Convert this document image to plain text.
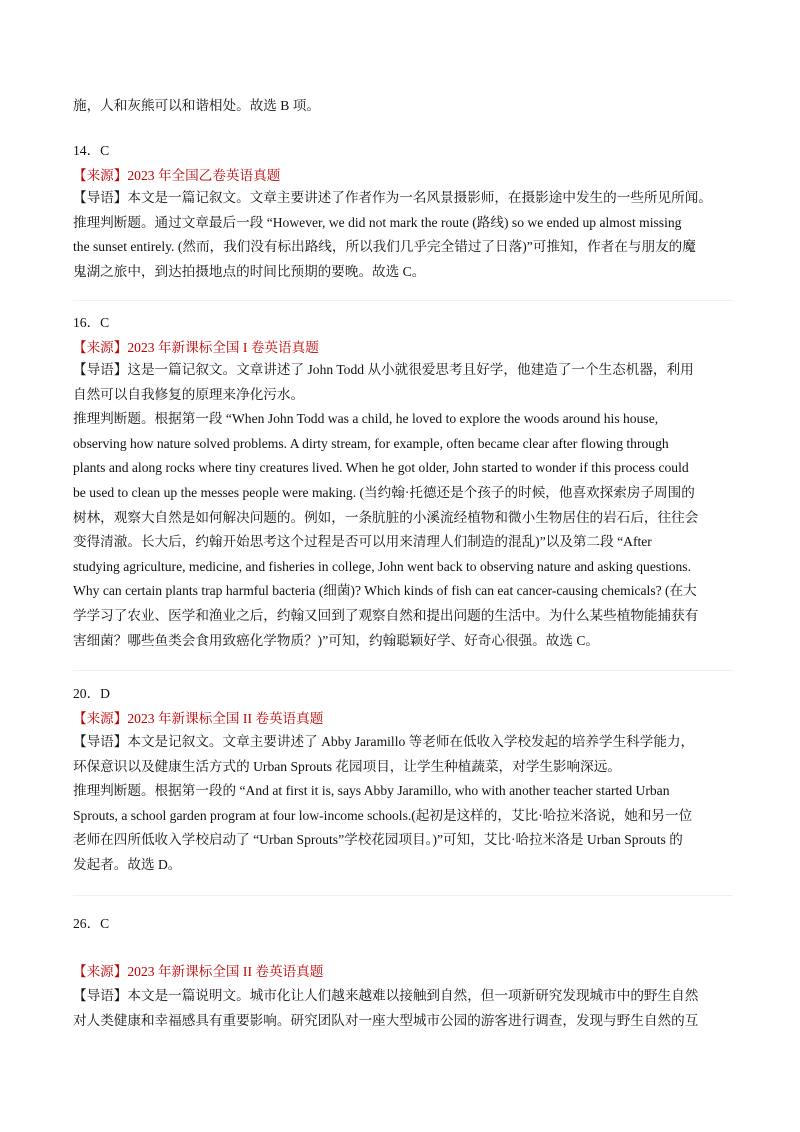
施，人和灰熊可以和谐相处。故选 B 项。

14．C

【来源】2023 年全国乙卷英语真题

【导语】本文是一篇记叙文。文章主要讲述了作者作为一名风景摄影师，在摄影途中发生的一些所见所闻。
推理判断题。通过文章最后一段 “However, we did not mark the route (路线) so we ended up almost missing
the sunset entirely. (然而，我们没有标出路线，所以我们几乎完全错过了日落)”可推知，作者在与朋友的魔
鬼湖之旅中，到达拍摄地点的时间比预期的要晚。故选 C。

16．C

【来源】2023 年新课标全国 I 卷英语真题

【导语】这是一篇记叙文。文章讲述了 John Todd 从小就很爱思考且好学，他建造了一个生态机器，利用
自然可以自我修复的原理来净化污水。
推理判断题。根据第一段 “When John Todd was a child, he loved to explore the woods around his house,
observing how nature solved problems. A dirty stream, for example, often became clear after flowing through
plants and along rocks where tiny creatures lived. When he got older, John started to wonder if this process could
be used to clean up the messes people were making. (当约翰·托德还是个孩子的时候，他喜欢探索房子周围的
树林，观察大自然是如何解决问题的。例如，一条肮脏的小溪流经植物和微小生物居住的岩石后，往往会
变得清澈。长大后，约翰开始思考这个过程是否可以用来清理人们制造的混乱)”以及第二段 “After
studying agriculture, medicine, and fisheries in college, John went back to observing nature and asking questions.
Why can certain plants trap harmful bacteria (细菌)? Which kinds of fish can eat cancer-causing chemicals? (在大
学学习了农业、医学和渔业之后，约翰又回到了观察自然和提出问题的生活中。为什么某些植物能捕获有
害细菌？哪些鱼类会食用致癌化学物质？)”可知，约翰聪颖好学、好奇心很强。故选 C。

20．D

【来源】2023 年新课标全国 II 卷英语真题

【导语】本文是记叙文。文章主要讲述了 Abby Jaramillo 等老师在低收入学校发起的培养学生科学能力，
环保意识以及健康生活方式的 Urban Sprouts 花园项目，让学生种植蔬菜，对学生影响深远。
推理判断题。根据第一段的 “And at first it is, says Abby Jaramillo, who with another teacher started Urban
Sprouts, a school garden program at four low-income schools.(起初是这样的，艾比·哈拉米洛说，她和另一位
老师在四所低收入学校启动了 “Urban Sprouts”学校花园项目。)”可知，艾比·哈拉米洛是 Urban Sprouts 的
发起者。故选 D。

26．C

【来源】2023 年新课标全国 II 卷英语真题

【导语】本文是一篇说明文。城市化让人们越来越难以接触到自然，但一项新研究发现城市中的野生自然
对人类健康和幸福感具有重要影响。研究团队对一座大型城市公园的游客进行调查，发现与野生自然的互
